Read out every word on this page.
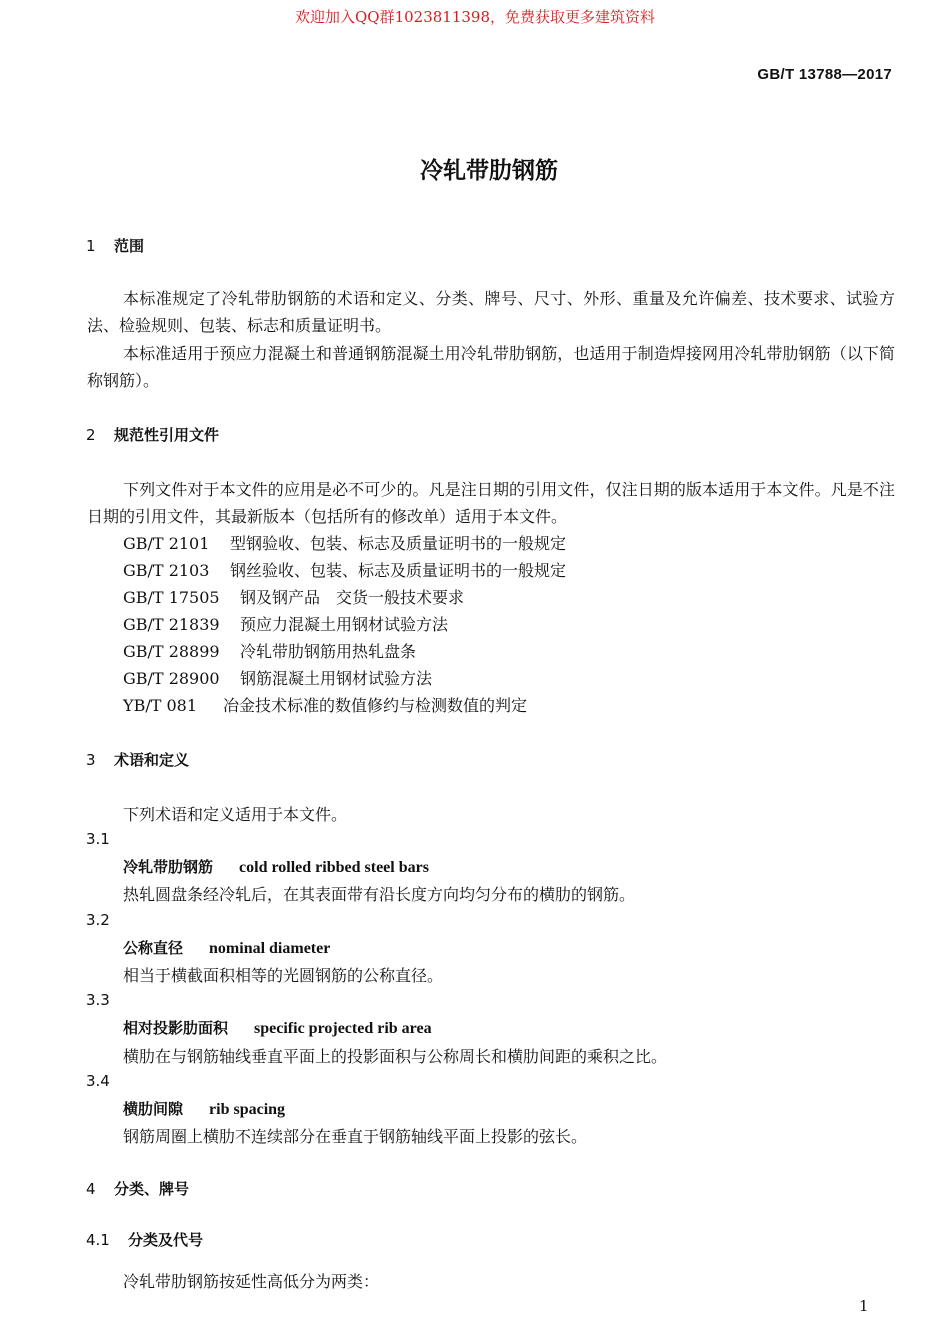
欢迎加入QQ群1023811398，免费获取更多建筑资料
GB/T 13788—2017
冷轧带肋钢筋
1 范围
本标准规定了冷轧带肋钢筋的术语和定义、分类、牌号、尺寸、外形、重量及允许偏差、技术要求、试验方法、检验规则、包装、标志和质量证明书。
本标准适用于预应力混凝土和普通钢筋混凝土用冷轧带肋钢筋，也适用于制造焊接网用冷轧带肋钢筋（以下简称钢筋）。
2 规范性引用文件
下列文件对于本文件的应用是必不可少的。凡是注日期的引用文件，仅注日期的版本适用于本文件。凡是不注日期的引用文件，其最新版本（包括所有的修改单）适用于本文件。
GB/T 2101 型钢验收、包装、标志及质量证明书的一般规定
GB/T 2103 钢丝验收、包装、标志及质量证明书的一般规定
GB/T 17505 钢及钢产品　交货一般技术要求
GB/T 21839 预应力混凝土用钢材试验方法
GB/T 28899 冷轧带肋钢筋用热轧盘条
GB/T 28900 钢筋混凝土用钢材试验方法
YB/T 081 冶金技术标准的数值修约与检测数值的判定
3 术语和定义
下列术语和定义适用于本文件。
3.1
冷轧带肋钢筋 cold rolled ribbed steel bars
热轧圆盘条经冷轧后，在其表面带有沿长度方向均匀分布的横肋的钢筋。
3.2
公称直径 nominal diameter
相当于横截面积相等的光圆钢筋的公称直径。
3.3
相对投影肋面积 specific projected rib area
横肋在与钢筋轴线垂直平面上的投影面积与公称周长和横肋间距的乘积之比。
3.4
横肋间隙 rib spacing
钢筋周圈上横肋不连续部分在垂直于钢筋轴线平面上投影的弦长。
4 分类、牌号
4.1 分类及代号
冷轧带肋钢筋按延性高低分为两类：
1
